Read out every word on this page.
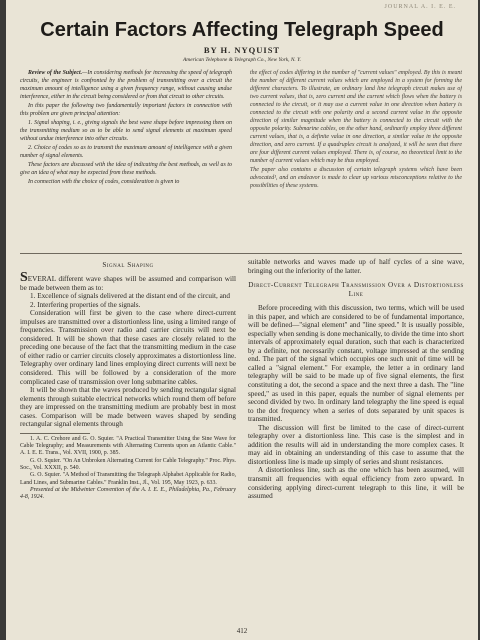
JOURNAL A. I. E. E.
Certain Factors Affecting Telegraph Speed
BY H. NYQUIST
American Telephone & Telegraph Co., New York, N. Y.

Review of the Subject.—In considering methods for increasing the speed of telegraph circuits, the engineer is confronted by the problem of transmitting over a circuit the maximum amount of intelligence using a given frequency range, without causing undue interference, either in the circuit being considered or from that circuit to other circuits.

In this paper the following two fundamentally important factors in connection with this problem are given principal attention:

1. Signal shaping, i. e., giving signals the best wave shape before impressing them on the transmitting medium so as to be able to send signal elements at maximum speed without undue interference into other circuits.

2. Choice of codes so as to transmit the maximum amount of intelligence with a given number of signal elements.

These factors are discussed with the idea of indicating the best methods, as well as to give an idea of what may be expected from these methods.

In connection with the choice of codes, consideration is given to

the effect of codes differing in the number of "current values" employed. By this is meant the number of different current values which are employed in a system for forming the different characters. To illustrate, an ordinary land line telegraph circuit makes use of two current values, that is, zero current and the current which flows when the battery is connected to the circuit, or it may use a current value in one direction when battery is connected to the circuit with one polarity and a second current value in the opposite direction of similar magnitude when the battery is connected to the circuit with the opposite polarity. Submarine cables, on the other hand, ordinarily employ three different current values, that is, a definite value in one direction, a similar value in the opposite direction, and zero current. If a quadruplex circuit is analyzed, it will be seen that there are four different current values employed. There is, of course, no theoretical limit to the number of current values which may be thus employed.

The paper also contains a discussion of certain telegraph systems which have been advocated¹, and an endeavor is made to clear up various misconceptions relative to the possibilities of these systems.

Signal Shaping

SEVERAL different wave shapes will be assumed and comparison will be made between them as to:

1. Excellence of signals delivered at the distant end of the circuit, and

2. Interfering properties of the signals.

Consideration will first be given to the case where direct-current impulses are transmitted over a distortionless line, using a limited range of frequencies. Transmission over radio and carrier circuits will next be considered. It will be shown that these cases are closely related to the preceding one because of the fact that the transmitting medium in the case of either radio or carrier circuits closely approximates a distortionless line. Telegraphy over ordinary land lines employing direct currents will next be considered. This will be followed by a consideration of the more complicated case of transmission over long submarine cables.

It will be shown that the waves produced by sending rectangular signal elements through suitable electrical networks which round them off before they are impressed on the transmitting medium are probably best in most cases. Comparison will be made between waves shaped by sending rectangular signal elements through

1. A. C. Crehore and G. O. Squier. "A Practical Transmitter Using the Sine Wave for Cable Telegraphy; and Measurements with Alternating Currents upon an Atlantic Cable." A. I. E. E. Trans., Vol. XVII, 1900, p. 385.

G. O. Squier. "On An Unbroken Alternating Current for Cable Telegraphy." Proc. Phys. Soc., Vol. XXXII, p. 540.

G. O. Squier. "A Method of Transmitting the Telegraph Alphabet Applicable for Radio, Land Lines, and Submarine Cables." Franklin Inst., Jl., Vol. 195, May 1923, p. 633.

Presented at the Midwinter Convention of the A. I. E. E., Philadelphia, Pa., February 4-8, 1924.

suitable networks and waves made up of half cycles of a sine wave, bringing out the inferiority of the latter.

Direct-Current Telegraph Transmission Over a Distortionless Line

Before proceeding with this discussion, two terms, which will be used in this paper, and which are considered to be of fundamental importance, will be defined—"signal element" and "line speed." It is usually possible, especially when sending is done mechanically, to divide the time into short intervals of approximately equal duration, such that each is characterized by a definite, not necessarily constant, voltage impressed at the sending end. The part of the signal which occupies one such unit of time will be called a "signal element." For example, the letter a in ordinary land telegraphy will be said to be made up of five signal elements, the first constituting a dot, the second a space and the next three a dash. The "line speed," as used in this paper, equals the number of signal elements per second divided by two. In ordinary land telegraphy the line speed is equal to the dot frequency when a series of dots separated by unit spaces is transmitted.

The discussion will first be limited to the case of direct-current telegraphy over a distortionless line. This case is the simplest and in addition the results will aid in understanding the more complex cases. It may aid in obtaining an understanding of this case to assume that the distortionless line is made up simply of series and shunt resistances.

A distortionless line, such as the one which has been assumed, will transmit all frequencies with equal efficiency from zero upward. In considering applying direct-current telegraph to this line, it will be assumed

412
